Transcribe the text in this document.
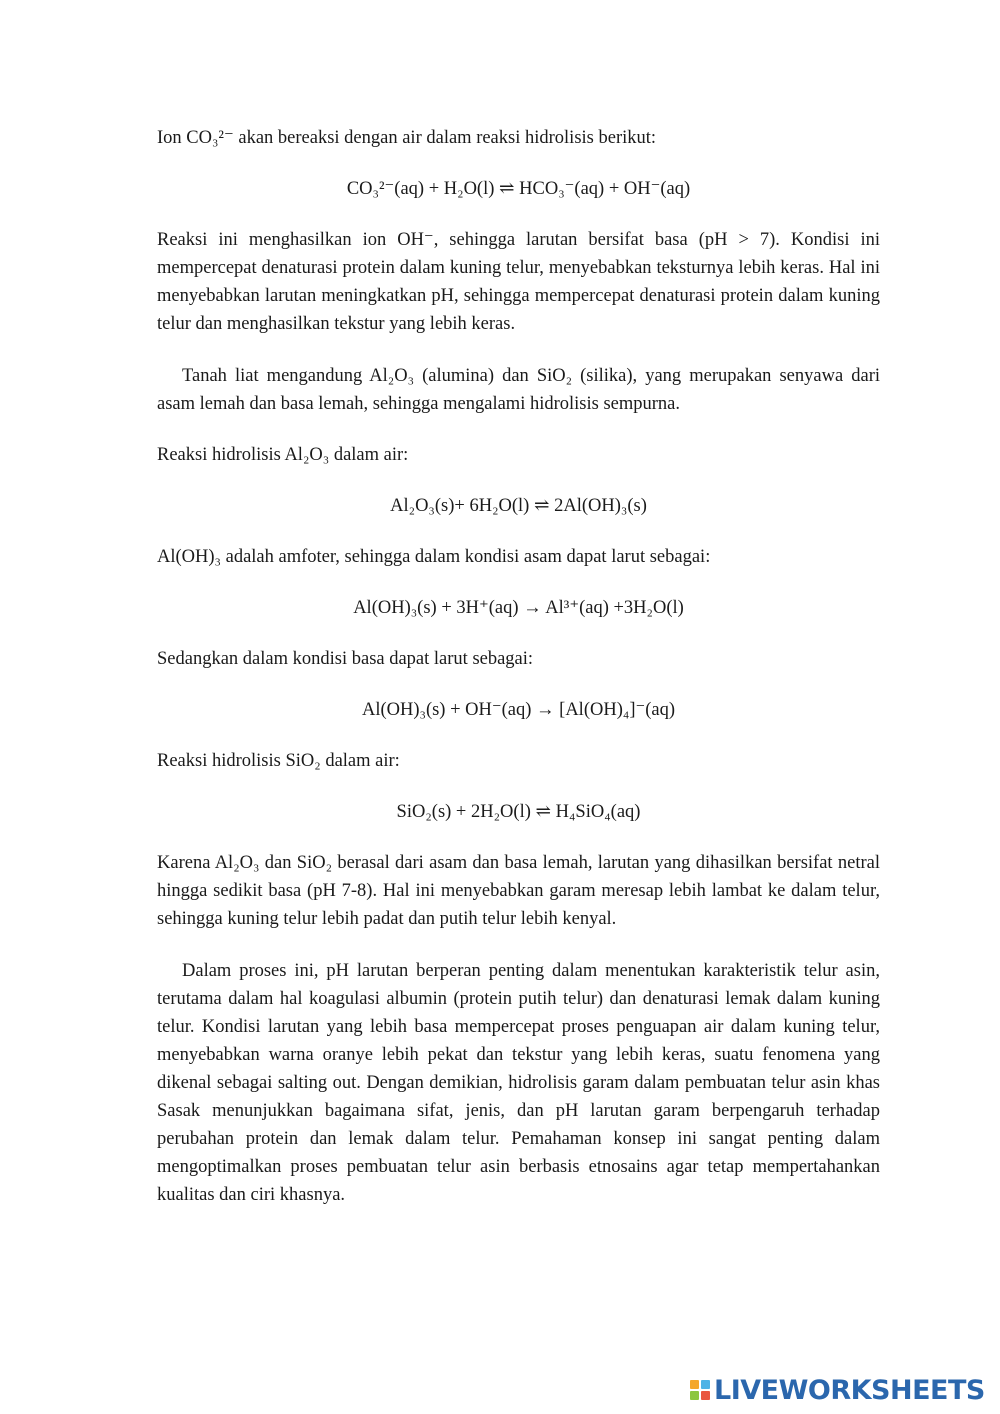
Ion CO₃²⁻ akan bereaksi dengan air dalam reaksi hidrolisis berikut:

CO₃²⁻(aq) + H₂O(l) ⇌ HCO₃⁻(aq) + OH⁻(aq)

Reaksi ini menghasilkan ion OH⁻, sehingga larutan bersifat basa (pH > 7). Kondisi ini mempercepat denaturasi protein dalam kuning telur, menyebabkan teksturnya lebih keras. Hal ini menyebabkan larutan meningkatkan pH, sehingga mempercepat denaturasi protein dalam kuning telur dan menghasilkan tekstur yang lebih keras.

Tanah liat mengandung Al₂O₃ (alumina) dan SiO₂ (silika), yang merupakan senyawa dari asam lemah dan basa lemah, sehingga mengalami hidrolisis sempurna.

Reaksi hidrolisis Al₂O₃ dalam air:

Al₂O₃(s)+ 6H₂O(l) ⇌ 2Al(OH)₃(s)

Al(OH)₃ adalah amfoter, sehingga dalam kondisi asam dapat larut sebagai:

Al(OH)₃(s) + 3H⁺(aq) → Al³⁺(aq) +3H₂O(l)

Sedangkan dalam kondisi basa dapat larut sebagai:

Al(OH)₃(s) + OH⁻(aq) → [Al(OH)₄]⁻(aq)

Reaksi hidrolisis SiO₂ dalam air:

SiO₂(s) + 2H₂O(l) ⇌ H₄SiO₄(aq)

Karena Al₂O₃ dan SiO₂ berasal dari asam dan basa lemah, larutan yang dihasilkan bersifat netral hingga sedikit basa (pH 7-8). Hal ini menyebabkan garam meresap lebih lambat ke dalam telur, sehingga kuning telur lebih padat dan putih telur lebih kenyal.

Dalam proses ini, pH larutan berperan penting dalam menentukan karakteristik telur asin, terutama dalam hal koagulasi albumin (protein putih telur) dan denaturasi lemak dalam kuning telur. Kondisi larutan yang lebih basa mempercepat proses penguapan air dalam kuning telur, menyebabkan warna oranye lebih pekat dan tekstur yang lebih keras, suatu fenomena yang dikenal sebagai salting out. Dengan demikian, hidrolisis garam dalam pembuatan telur asin khas Sasak menunjukkan bagaimana sifat, jenis, dan pH larutan garam berpengaruh terhadap perubahan protein dan lemak dalam telur. Pemahaman konsep ini sangat penting dalam mengoptimalkan proses pembuatan telur asin berbasis etnosains agar tetap mempertahankan kualitas dan ciri khasnya.

LIVEWORKSHEETS
